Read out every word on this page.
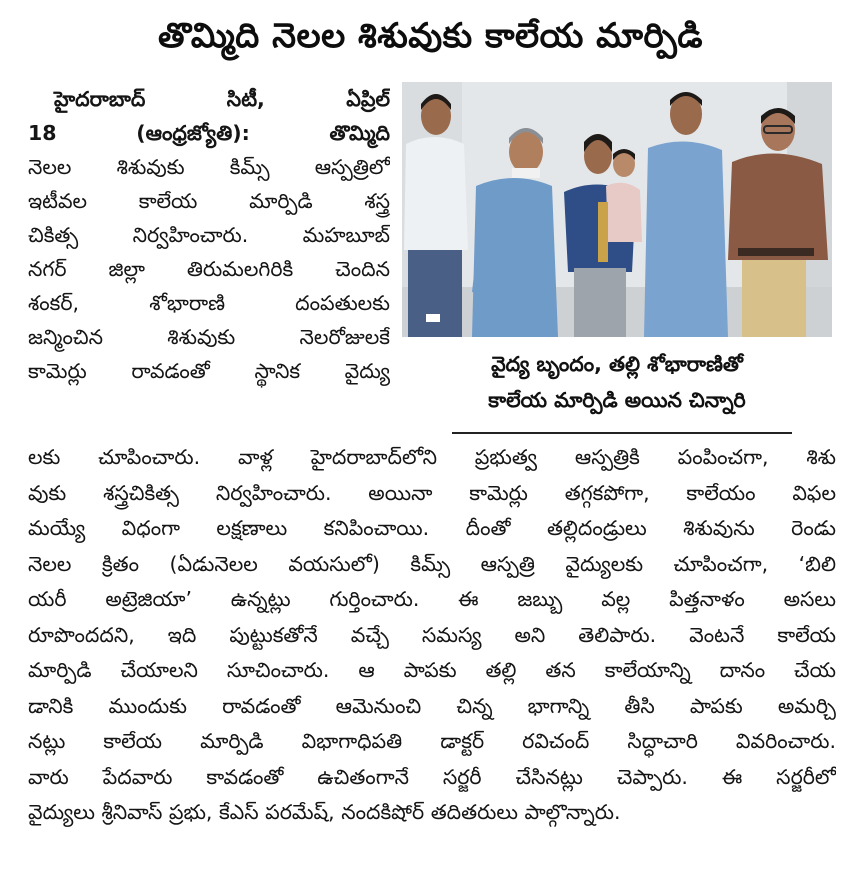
తొమ్మిది నెలల శిశువుకు కాలేయ మార్పిడి
హైదరాబాద్ సిటీ, ఏప్రిల్
18 (ఆంధ్రజ్యోతి): తొమ్మిది
నెలల శిశువుకు కిమ్స్ ఆస్పత్రిలో
ఇటీవల కాలేయ మార్పిడి శస్త్ర
చికిత్స నిర్వహించారు. మహబూబ్
నగర్ జిల్లా తిరుమలగిరికి చెందిన
శంకర్, శోభారాణి దంపతులకు
జన్మించిన శిశువుకు నెలరోజులకే
కామెర్లు రావడంతో స్థానిక వైద్యు	వైద్య బృందం, తల్లి శోభారాణితో
కాలేయ మార్పిడి అయిన చిన్నారి
లకు చూపించారు. వాళ్ల హైదరాబాద్‌లోని ప్రభుత్వ ఆస్పత్రికి పంపించగా, శిశు
వుకు శస్త్రచికిత్స నిర్వహించారు. అయినా కామెర్లు తగ్గకపోగా, కాలేయం విఫల
మయ్యే విధంగా లక్షణాలు కనిపించాయి. దీంతో తల్లిదండ్రులు శిశువును రెండు
నెలల క్రితం (ఏడునెలల వయసులో) కిమ్స్ ఆస్పత్రి వైద్యులకు చూపించగా, ‘బిలి
యరీ అట్రెజియా’ ఉన్నట్లు గుర్తించారు. ఈ జబ్బు వల్ల పిత్తనాళం అసలు
రూపొందదని, ఇది పుట్టుకతోనే వచ్చే సమస్య అని తెలిపారు. వెంటనే కాలేయ
మార్పిడి చేయాలని సూచించారు. ఆ పాపకు తల్లి తన కాలేయాన్ని దానం చేయ
డానికి ముందుకు రావడంతో ఆమెనుంచి చిన్న భాగాన్ని తీసి పాపకు అమర్చి
నట్లు కాలేయ మార్పిడి విభాగాధిపతి డాక్టర్ రవిచంద్ సిద్ధాచారి వివరించారు.
వారు పేదవారు కావడంతో ఉచితంగానే సర్జరీ చేసినట్లు చెప్పారు. ఈ సర్జరీలో
వైద్యులు శ్రీనివాస్ ప్రభు, కేఎస్ పరమేష్, నందకిషోర్ తదితరులు పాల్గొన్నారు.
